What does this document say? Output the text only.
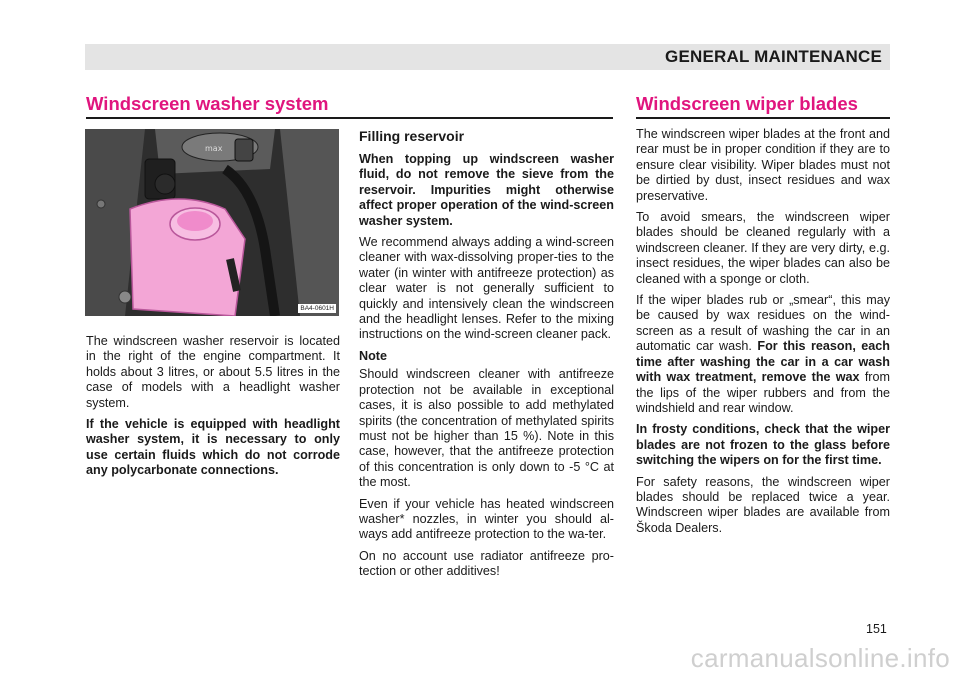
GENERAL MAINTENANCE
Windscreen washer system
max
BA4-0601H

The windscreen washer reservoir is located in the right of the engine compartment. It holds about 3 litres, or about 5.5 litres in the case of models with a headlight washer system.

If the vehicle is equipped with headlight washer system, it is necessary to only use certain fluids which do not corrode any polycarbonate connections.

Filling reservoir

When topping up windscreen washer fluid, do not remove the sieve from the reservoir. Impurities might otherwise affect proper operation of the wind-screen washer system.

We recommend always adding a wind-screen cleaner with wax-dissolving proper-ties to the water (in winter with antifreeze protection) as clear water is not generally sufficient to quickly and intensively clean the windscreen and the headlight lenses. Refer to the mixing instructions on the wind-screen cleaner pack.

Note

Should windscreen cleaner with antifreeze protection not be available in exceptional cases, it is also possible to add methylated spirits (the concentration of methylated spirits must not be higher than 15 %). Note in this case, however, that the antifreeze protection of this concentration is only down to -5 °C at the most.

Even if your vehicle has heated windscreen washer* nozzles, in winter you should al-ways add antifreeze protection to the wa-ter.

On no account use radiator antifreeze pro-tection or other additives!

Windscreen wiper blades

The windscreen wiper blades at the front and rear must be in proper condition if they are to ensure clear visibility. Wiper blades must not be dirtied by dust, insect residues and wax preservative.

To avoid smears, the windscreen wiper blades should be cleaned regularly with a windscreen cleaner. If they are very dirty, e.g. insect residues, the wiper blades can also be cleaned with a sponge or cloth.

If the wiper blades rub or „smear“, this may be caused by wax residues on the wind-screen as a result of washing the car in an automatic car wash. For this reason, each time after washing the car in a car wash with wax treatment, remove the wax from the lips of the wiper rubbers and from the windshield and rear window.

In frosty conditions, check that the wiper blades are not frozen to the glass before switching the wipers on for the first time.

For safety reasons, the windscreen wiper blades should be replaced twice a year. Windscreen wiper blades are available from Škoda Dealers.

151
carmanualsonline.info
